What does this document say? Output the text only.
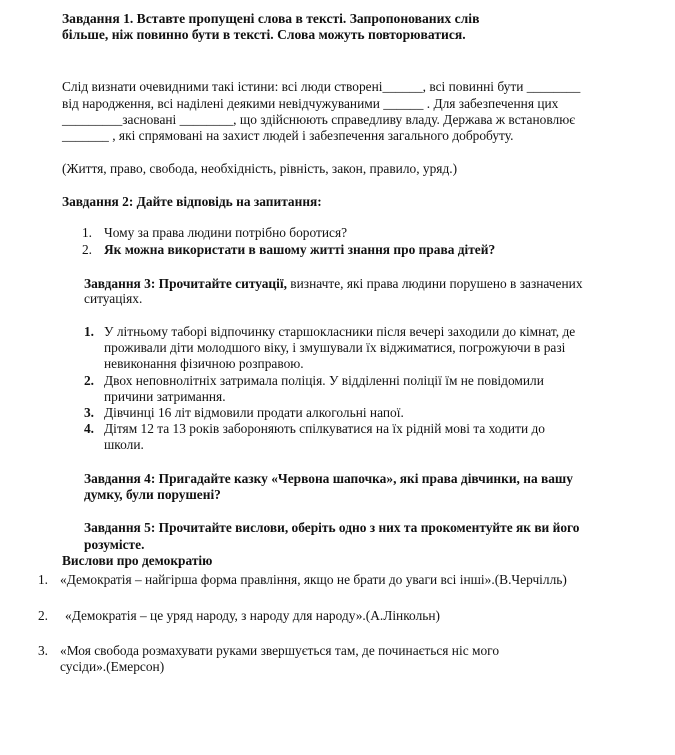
Завдання 1. Вставте пропущені слова в тексті. Запропонованих слів
більше, ніж повинно бути в тексті. Слова можуть повторюватися.
Слід визнати очевидними такі істини: всі люди створені______, всі повинні бути ________
від народження, всі наділені деякими невідчужуваними ______ . Для забезпечення цих
_________засновані ________, що здійснюють справедливу владу. Держава ж встановлює
_______ , які спрямовані на захист людей і забезпечення загального добробуту.
(Життя, право, свобода, необхідність, рівність, закон, правило, уряд.)
Завдання 2: Дайте відповідь на запитання:
1. Чому за права людини потрібно боротися?
2. Як можна використати в вашому житті знання про права дітей?
Завдання 3: Прочитайте ситуації, визначте, які права людини порушено в зазначених
ситуаціях.
1. У літньому таборі відпочинку старшокласники після вечері заходили до кімнат, де
проживали діти молодшого віку, і змушували їх віджиматися, погрожуючи в разі
невиконання фізичною розправою.
2. Двох неповнолітніх затримала поліція. У відділенні поліції їм не повідомили
причини затримання.
3. Дівчинці 16 літ відмовили продати алкогольні напої.
4. Дітям 12 та 13 років забороняють спілкуватися на їх рідній мові та ходити до
школи.
Завдання 4: Пригадайте казку «Червона шапочка», які права дівчинки, на вашу
думку, були порушені?
Завдання 5: Прочитайте вислови, оберіть одно з них та прокоментуйте як ви його
розумісте.
Вислови про демократію
1. «Демократія – найгірша форма правління, якщо не брати до уваги всі інші».(В.Черчілль)
2. «Демократія – це уряд народу, з народу для народу».(А.Лінкольн)
3. «Моя свобода розмахувати руками звершується там, де починається ніс мого
сусіди».(Емерсон)
